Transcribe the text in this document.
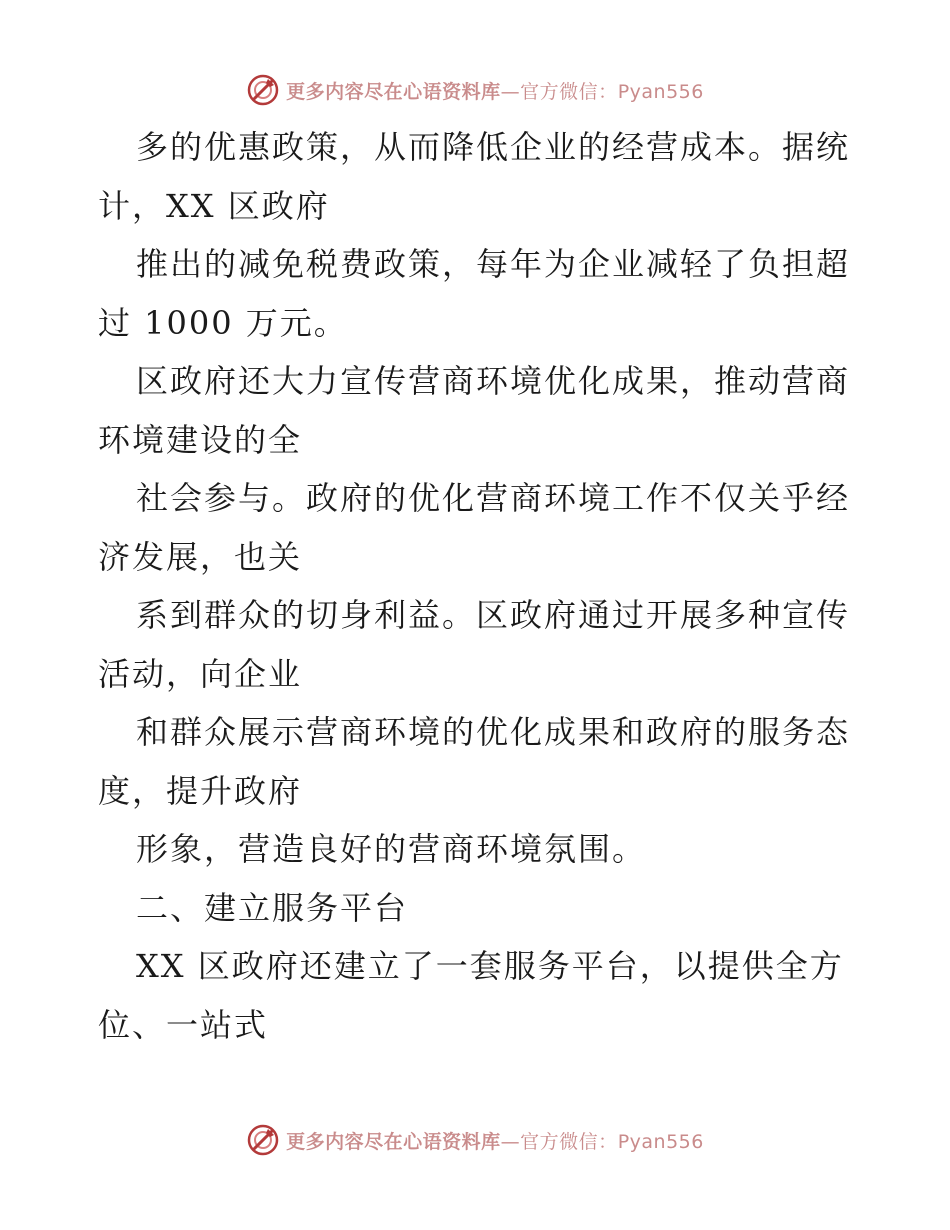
更多内容尽在心语资料库—官方微信：Pyan556
多的优惠政策，从而降低企业的经营成本。据统
计，XX 区政府
推出的减免税费政策，每年为企业减轻了负担超
过 1000 万元。
区政府还大力宣传营商环境优化成果，推动营商
环境建设的全
社会参与。政府的优化营商环境工作不仅关乎经
济发展，也关
系到群众的切身利益。区政府通过开展多种宣传
活动，向企业
和群众展示营商环境的优化成果和政府的服务态
度，提升政府
形象，营造良好的营商环境氛围。
二、建立服务平台
XX 区政府还建立了一套服务平台，以提供全方
位、一站式
更多内容尽在心语资料库—官方微信：Pyan556
